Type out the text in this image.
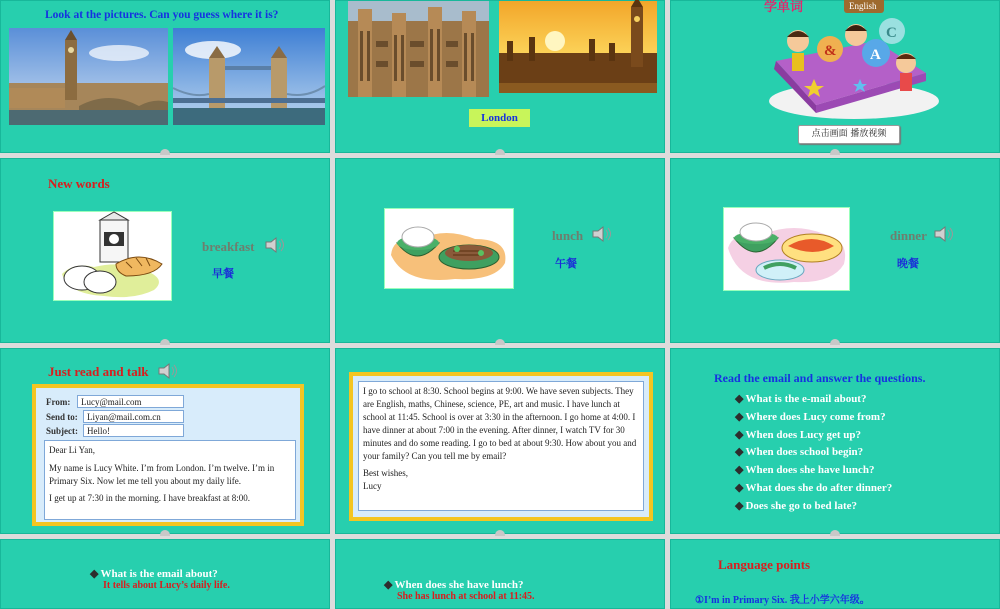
Look at the pictures. Can you guess where it is?
London
学单词	English
& A
C
点击画面 播放视频
New words
breakfast
早餐
lunch
午餐
dinner
晚餐
Just read and talk
From:	Lucy@mail.com
Send to:	Liyan@mail.com.cn
Subject:	Hello!
Dear Li Yan,
My name is Lucy White. I’m from London. I’m twelve. I’m in Primary Six. Now let me tell you about my daily life.
I get up at 7:30 in the morning. I have breakfast at 8:00.
I go to school at 8:30. School begins at 9:00. We have seven subjects. They are English, maths, Chinese, science, PE, art and music. I have lunch at school at 11:45. School is over at 3:30 in the afternoon. I go home at 4:00. I have dinner at about 7:00 in the evening. After dinner, I watch TV for 30 minutes and do some reading. I go to bed at about 9:30. How about you and your family? Can you tell me by email?
Best wishes,
Lucy
Read the email and answer the questions.
◆ What is the e-mail about?
◆ Where does Lucy come from?
◆ When does Lucy get up?
◆ When does school begin?
◆ When does she have lunch?
◆ What does she do after dinner?
◆ Does she go to bed late?
◆ What is the email about?
It tells about Lucy’s daily life.	◆ When does she have lunch?
She has lunch at school at 11:45.
Language points
①I’m in Primary Six. 我上小学六年级。
